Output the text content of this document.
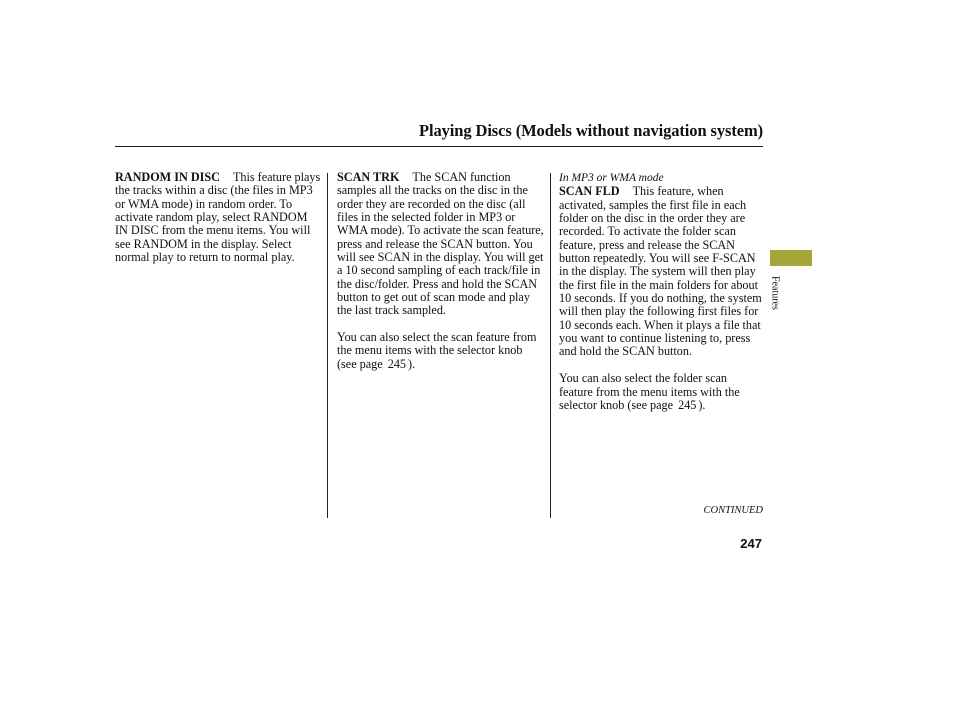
Playing Discs (Models without navigation system)

RANDOM IN DISC This feature plays the tracks within a disc (the files in MP3 or WMA mode) in random order. To activate random play, select RANDOM IN DISC from the menu items. You will see RANDOM in the display. Select normal play to return to normal play.

SCAN TRK The SCAN function samples all the tracks on the disc in the order they are recorded on the disc (all files in the selected folder in MP3 or WMA mode). To activate the scan feature, press and release the SCAN button. You will see SCAN in the display. You will get a 10 second sampling of each track/file in the disc/folder. Press and hold the SCAN button to get out of scan mode and play the last track sampled.

You can also select the scan feature from the menu items with the selector knob (see page 245 ).

In MP3 or WMA mode

SCAN FLD This feature, when activated, samples the first file in each folder on the disc in the order they are recorded. To activate the folder scan feature, press and release the SCAN button repeatedly. You will see F-SCAN in the display. The system will then play the first file in the main folders for about 10 seconds. If you do nothing, the system will then play the following first files for 10 seconds each. When it plays a file that you want to continue listening to, press and hold the SCAN button.

You can also select the folder scan feature from the menu items with the selector knob (see page 245 ).

CONTINUED

247

Features
